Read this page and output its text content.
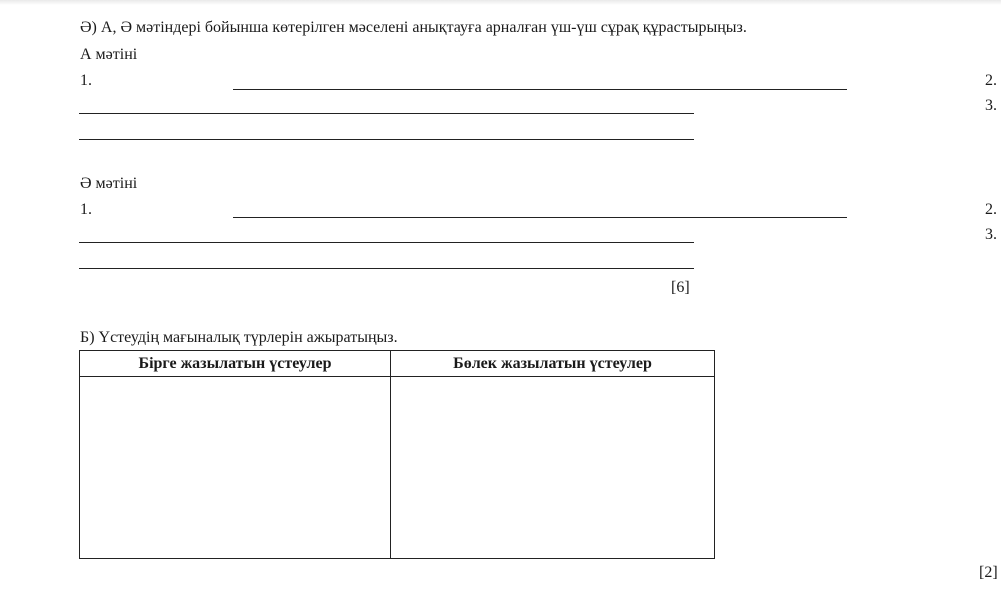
Ә) А, Ә мәтіндері бойынша көтерілген мәселені анықтауға арналған үш-үш сұрақ құрастырыңыз.
А мәтіні
1.	2.
3.
Ә мәтіні
1.	2.
3.
[6]
Б) Үстеудің мағыналық түрлерін ажыратыңыз.
Бірге жазылатын үстеулер	Бөлек жазылатын үстеулер

[2]
